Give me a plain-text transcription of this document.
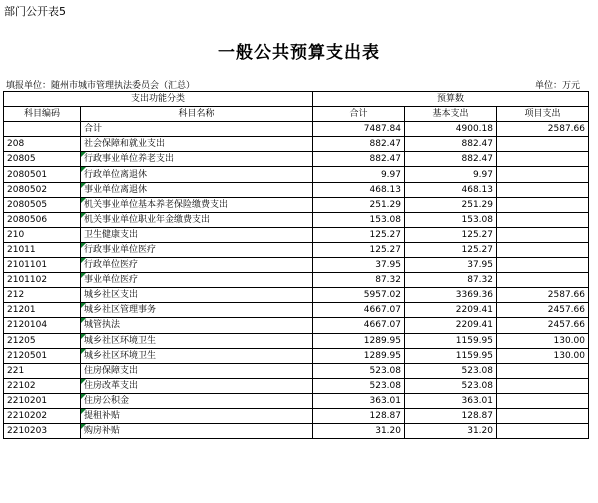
部门公开表5
一般公共预算支出表
填报单位：随州市城市管理执法委员会（汇总）	单位：万元
支出功能分类		预算数		
科目编码	科目名称	合计	基本支出	项目支出
	合计	7487.84	4900.18	2587.66
208	社会保障和就业支出	882.47	882.47	
20805	行政事业单位养老支出	882.47	882.47	
2080501	行政单位离退休	9.97	9.97	
2080502	事业单位离退休	468.13	468.13	
2080505	机关事业单位基本养老保险缴费支出	251.29	251.29	
2080506	机关事业单位职业年金缴费支出	153.08	153.08	
210	卫生健康支出	125.27	125.27	
21011	行政事业单位医疗	125.27	125.27	
2101101	行政单位医疗	37.95	37.95	
2101102	事业单位医疗	87.32	87.32	
212	城乡社区支出	5957.02	3369.36	2587.66
21201	城乡社区管理事务	4667.07	2209.41	2457.66
2120104	城管执法	4667.07	2209.41	2457.66
21205	城乡社区环境卫生	1289.95	1159.95	130.00
2120501	城乡社区环境卫生	1289.95	1159.95	130.00
221	住房保障支出	523.08	523.08	
22102	住房改革支出	523.08	523.08	
2210201	住房公积金	363.01	363.01	
2210202	提租补贴	128.87	128.87	
2210203	购房补贴	31.20	31.20	
